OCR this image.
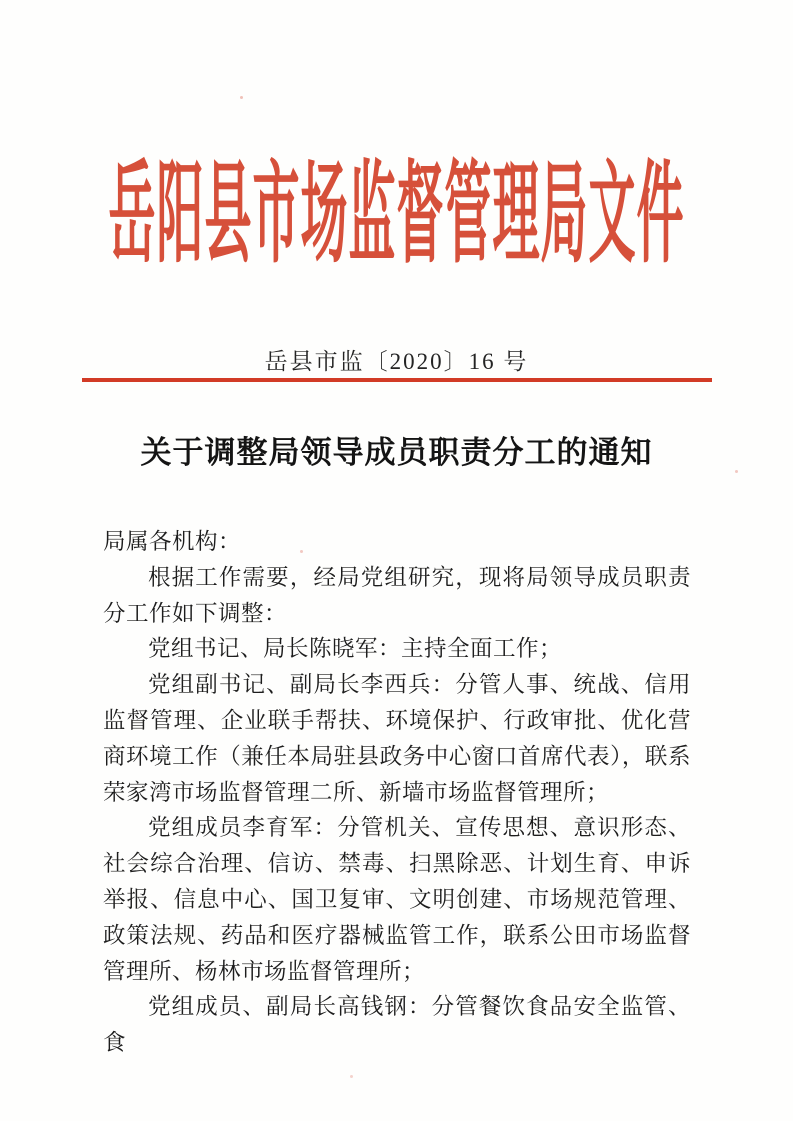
岳阳县市场监督管理局文件
岳县市监〔2020〕16 号
关于调整局领导成员职责分工的通知

局属各机构：

根据工作需要，经局党组研究，现将局领导成员职责分工作如下调整：

党组书记、局长陈晓军：主持全面工作；

党组副书记、副局长李西兵：分管人事、统战、信用监督管理、企业联手帮扶、环境保护、行政审批、优化营商环境工作（兼任本局驻县政务中心窗口首席代表），联系荣家湾市场监督管理二所、新墙市场监督管理所；

党组成员李育军：分管机关、宣传思想、意识形态、社会综合治理、信访、禁毒、扫黑除恶、计划生育、申诉举报、信息中心、国卫复审、文明创建、市场规范管理、政策法规、药品和医疗器械监管工作，联系公田市场监督管理所、杨林市场监督管理所；

党组成员、副局长高钱钢：分管餐饮食品安全监管、食
